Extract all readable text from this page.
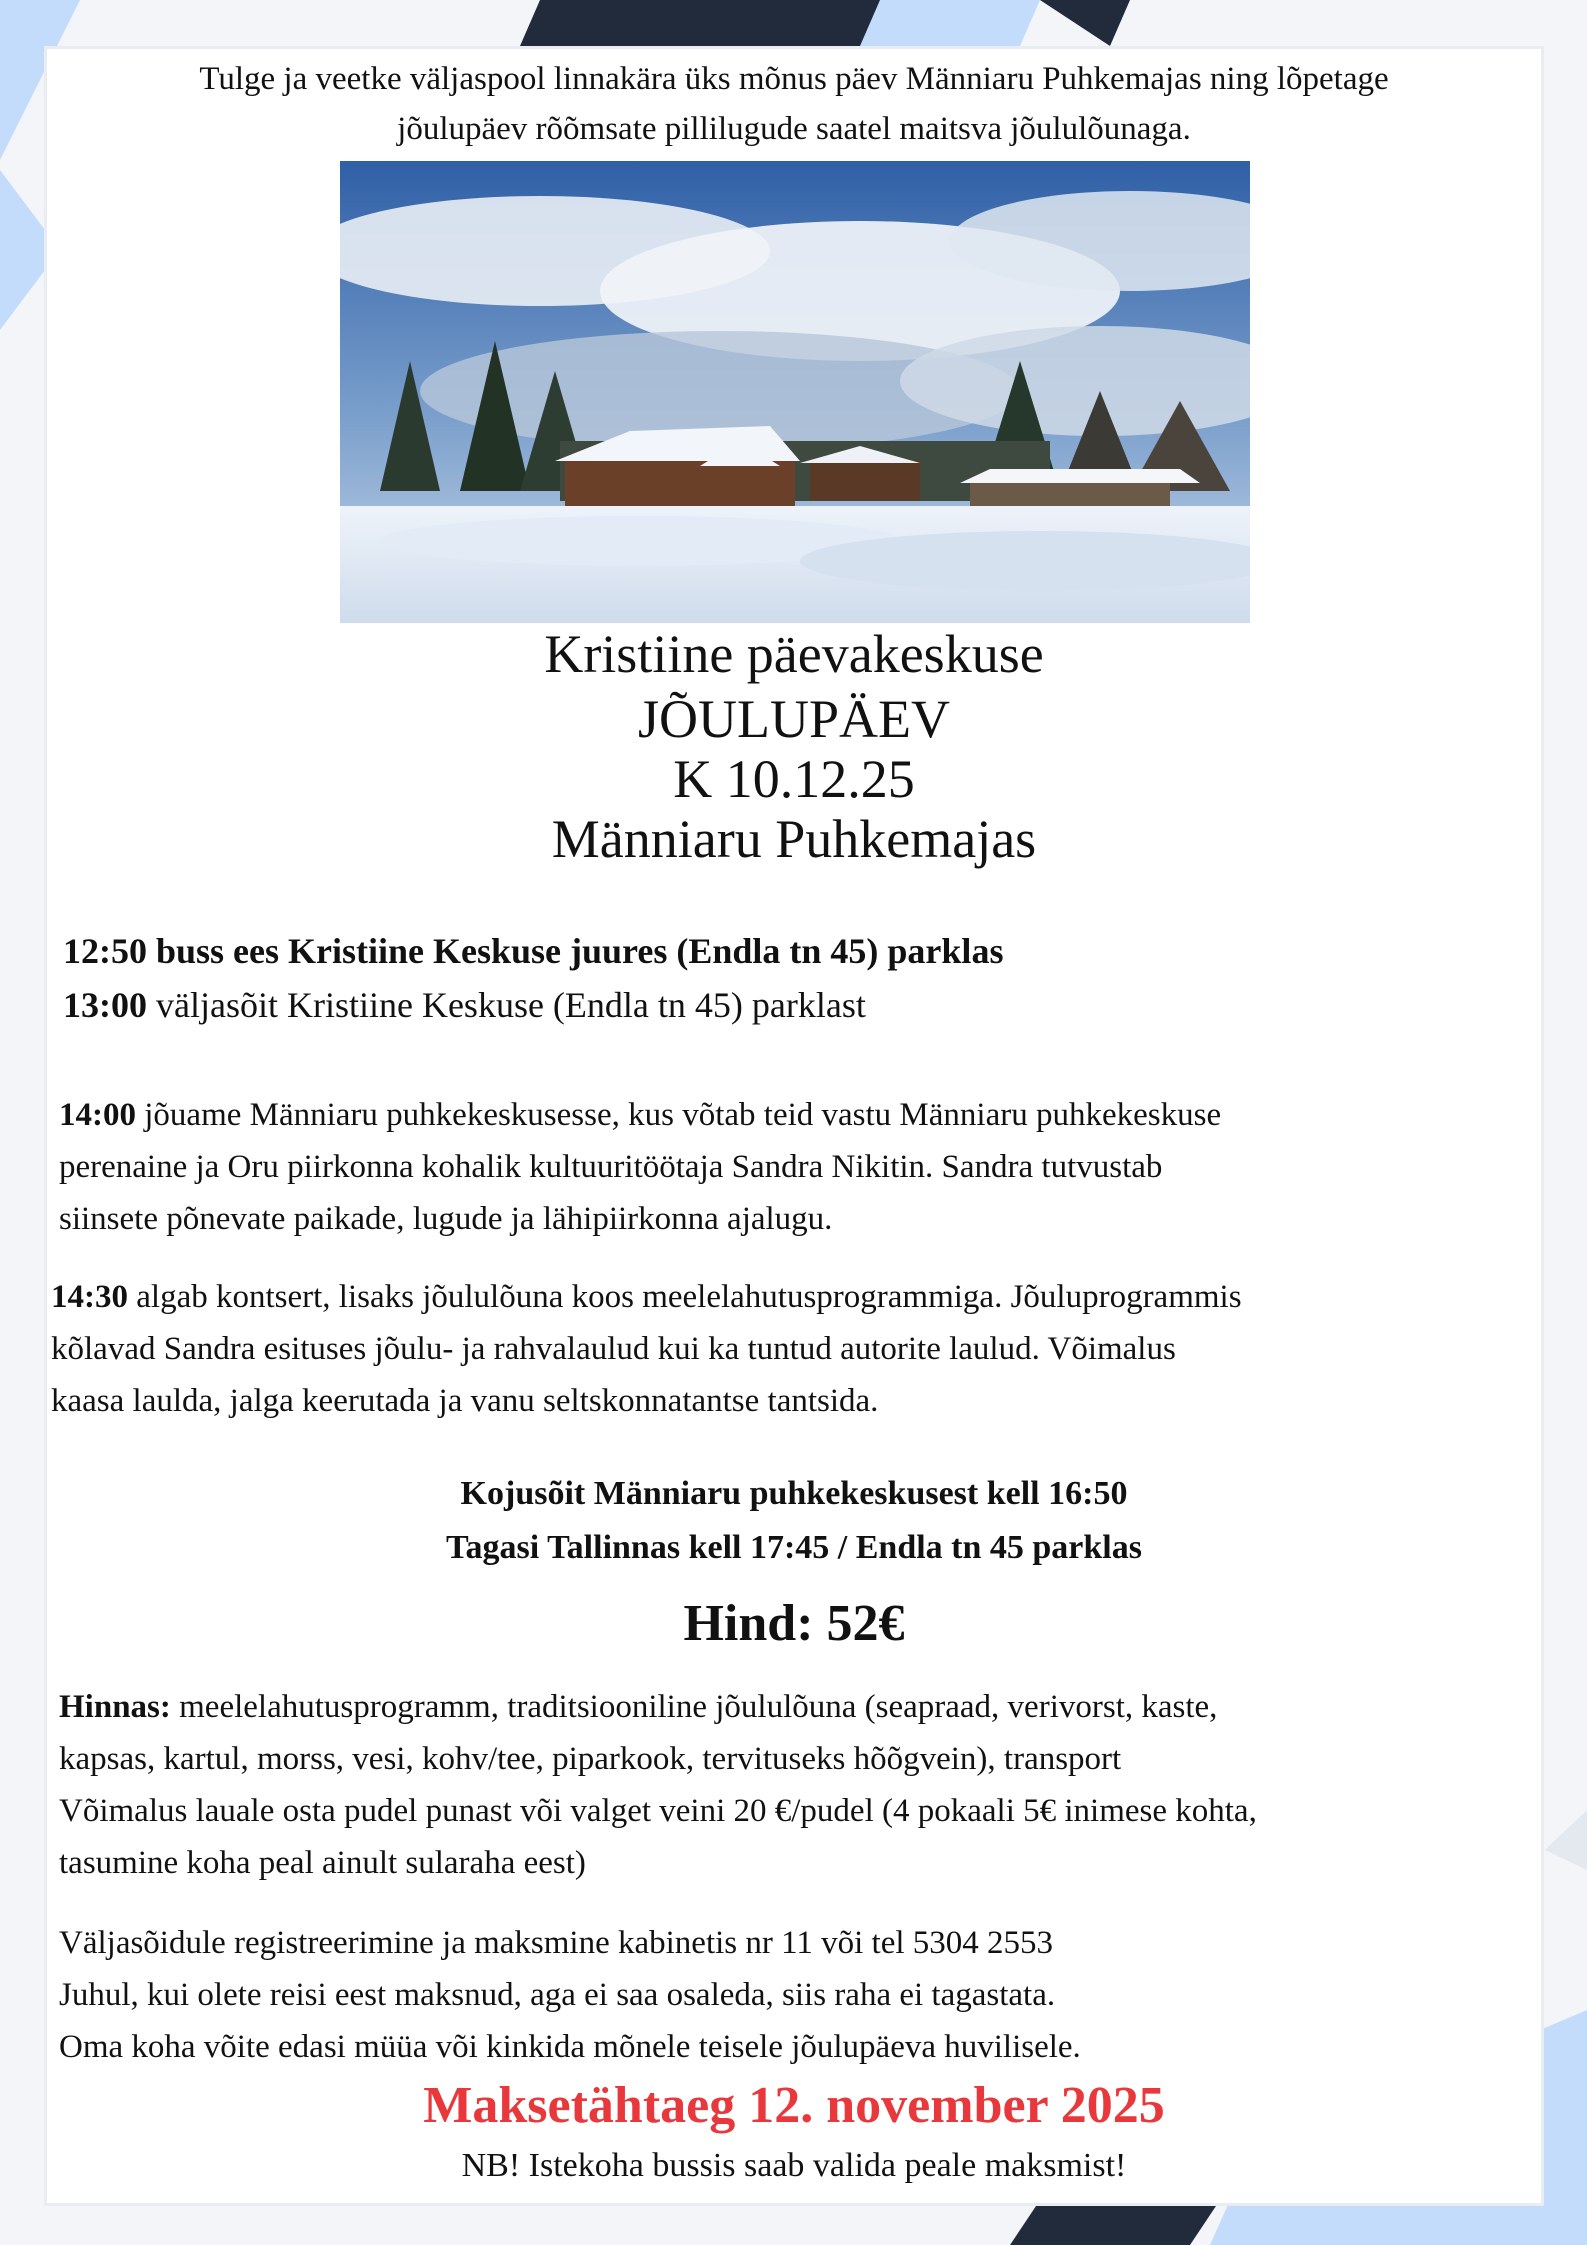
Tulge ja veetke väljaspool linnakära üks mõnus päev Männiaru Puhkemajas ning lõpetage
jõulupäev rõõmsate pillilugude saatel maitsva jõululõunaga.

Kristiine päevakeskuse

JÕULUPÄEV

K 10.12.25

Männiaru Puhkemajas

12:50 buss ees Kristiine Keskuse juures (Endla tn 45) parklas

13:00 väljasõit Kristiine Keskuse (Endla tn 45) parklast

14:00 jõuame Männiaru puhkekeskusesse, kus võtab teid vastu Männiaru puhkekeskuse
perenaine ja Oru piirkonna kohalik kultuuritöötaja Sandra Nikitin. Sandra tutvustab
siinsete põnevate paikade, lugude ja lähipiirkonna ajalugu.

14:30 algab kontsert, lisaks jõululõuna koos meelelahutusprogrammiga. Jõuluprogrammis
kõlavad Sandra esituses jõulu- ja rahvalaulud kui ka tuntud autorite laulud. Võimalus
kaasa laulda, jalga keerutada ja vanu seltskonnatantse tantsida.

Kojusõit Männiaru puhkekeskusest kell 16:50
Tagasi Tallinnas kell 17:45 / Endla tn 45 parklas

Hind: 52€

Hinnas: meelelahutusprogramm, traditsiooniline jõululõuna (seapraad, verivorst, kaste,
kapsas, kartul, morss, vesi, kohv/tee, piparkook, tervituseks hõõgvein), transport
Võimalus lauale osta pudel punast või valget veini 20 €/pudel (4 pokaali 5€ inimese kohta,
tasumine koha peal ainult sularaha eest)

Väljasõidule registreerimine ja maksmine kabinetis nr 11 või tel 5304 2553
Juhul, kui olete reisi eest maksnud, aga ei saa osaleda, siis raha ei tagastata.
Oma koha võite edasi müüa või kinkida mõnele teisele jõulupäeva huvilisele.

Maksetähtaeg 12. november 2025

NB! Istekoha bussis saab valida peale maksmist!
